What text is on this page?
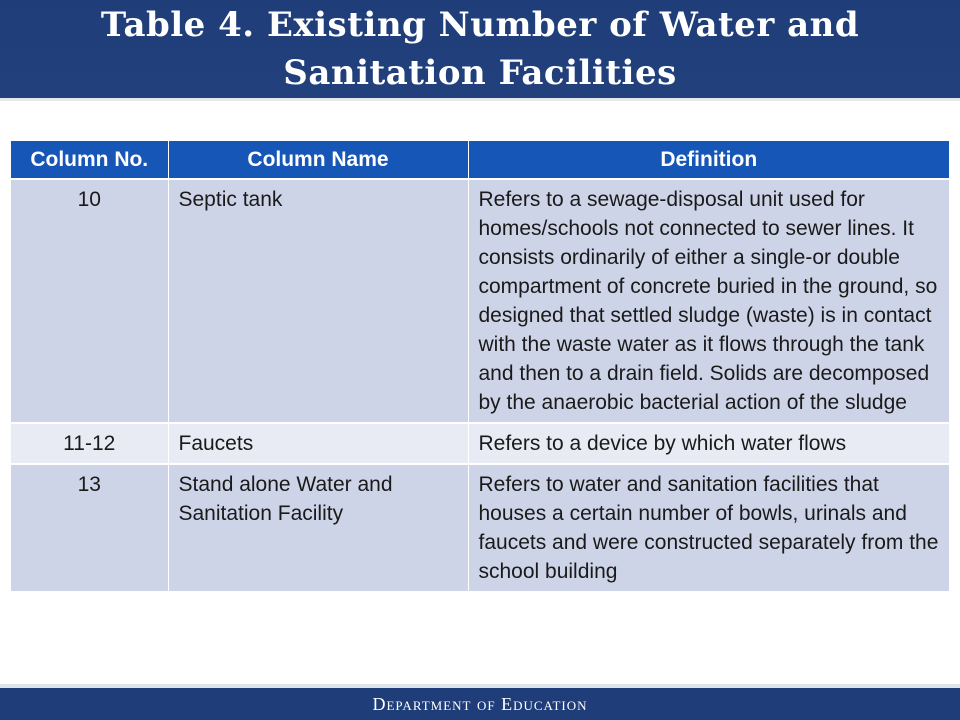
Table 4. Existing Number of Water and
Sanitation Facilities
Column No.	Column Name	Definition
10	Septic tank	Refers to a sewage-disposal unit used for homes/schools not connected to sewer lines. It consists ordinarily of either a single-or double compartment of concrete buried in the ground, so designed that settled sludge (waste) is in contact with the waste water as it flows through the tank and then to a drain field. Solids are decomposed by the anaerobic bacterial action of the sludge
11-12	Faucets	Refers to a device by which water flows
13	Stand alone Water and Sanitation Facility	Refers to water and sanitation facilities that houses a certain number of bowls, urinals and faucets and were constructed separately from the school building
Department of Education
